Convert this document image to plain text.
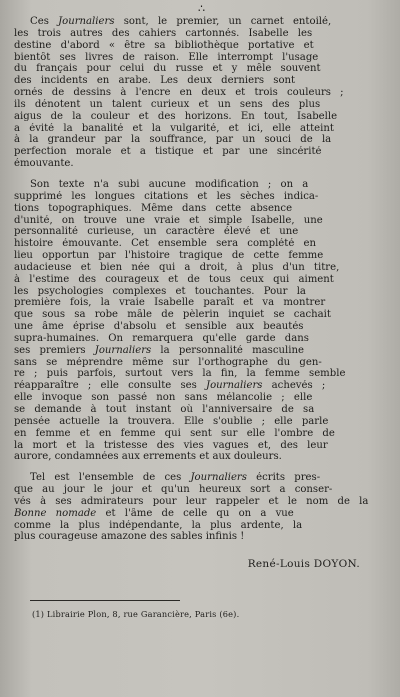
∴

Ces Journaliers sont, le premier, un carnet entoilé,
les trois autres des cahiers cartonnés. Isabelle les
destine d'abord « être sa bibliothèque portative et
bientôt ses livres de raison. Elle interrompt l'usage
du français pour celui du russe et y mêle souvent
des incidents en arabe. Les deux derniers sont
ornés de dessins à l'encre en deux et trois couleurs ;
ils dénotent un talent curieux et un sens des plus
aigus de la couleur et des horizons. En tout, Isabelle
a évité la banalité et la vulgarité, et ici, elle atteint
à la grandeur par la souffrance, par un souci de la
perfection morale et a tistique et par une sincérité
émouvante.

Son texte n'a subi aucune modification ; on a
supprimé les longues citations et les sèches indica-
tions topographiques. Même dans cette absence
d'unité, on trouve une vraie et simple Isabelle, une
personnalité curieuse, un caractère élevé et une
histoire émouvante. Cet ensemble sera complété en
lieu opportun par l'histoire tragique de cette femme
audacieuse et bien née qui a droit, à plus d'un titre,
à l'estime des courageux et de tous ceux qui aiment
les psychologies complexes et touchantes. Pour la
première fois, la vraie Isabelle paraît et va montrer
que sous sa robe mâle de pèlerin inquiet se cachait
une âme éprise d'absolu et sensible aux beautés
supra-humaines. On remarquera qu'elle garde dans
ses premiers Journaliers la personnalité masculine
sans se méprendre même sur l'orthographe du gen-
re ; puis parfois, surtout vers la fin, la femme semble
réapparaître ; elle consulte ses Journaliers achevés ;
elle invoque son passé non sans mélancolie ; elle
se demande à tout instant où l'anniversaire de sa
pensée actuelle la trouvera. Elle s'oublie ; elle parle
en femme et en femme qui sent sur elle l'ombre de
la mort et la tristesse des vies vagues et, des leur
aurore, condamnées aux errements et aux douleurs.

Tel est l'ensemble de ces Journaliers écrits pres-
que au jour le jour et qu'un heureux sort a conser-
vés à ses admirateurs pour leur rappeler et le nom de la
Bonne nomade et l'âme de celle qu on a vue
comme la plus indépendante, la plus ardente, la
plus courageuse amazone des sables infinis !

René-Louis DOYON.
(1) Librairie Plon, 8, rue Garancière, Paris (6e).
